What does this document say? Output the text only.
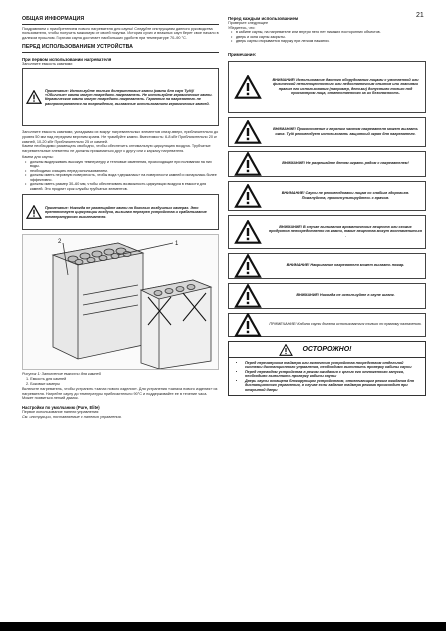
21
ОБЩАЯ ИНФОРМАЦИЯ
Поздравляем с приобретением нового нагревателя для сауны! Следуйте инструкциям данного руководства пользователя, чтобы получить максимум от своей покупки. История сухих и влажных саун берет свое начало в далеком прошлом. Горячая сауна достигает наибольших удобств при температуре 70–90 °C.
ПЕРЕД ИСПОЛЬЗОВАНИЕМ УСТРОЙСТВА
При первом использовании нагревателя
Заполните емкость камнями
Примечание: Используйте только долериттовые камни (камни для саун Tylö)! «Обычные» камни могут повредить нагреватель. Не используйте керамические камни. Керамические камни могут повредить нагреватель. Гарантия на нагреватель не распространяется на повреждения, вызванные использованием керамических камней.
Заполните емкость камнями, укладывая их вокруг нагревательных элементов снизу-вверх, приблизительно до уровня 50 мм над передним верхним краем. Не трамбуйте камни. Вместимость: 6-8 кВт Приблизительно 20 кг камней, 10-20 кВт Приблизительно 25 кг камней.
Камни необходимо размещать свободно, чтобы обеспечить оптимальную циркуляцию воздуха. Трубчатые нагревательные элементы не должны прижиматься друг к другу или к каркасу нагревателя.
Камни для сауны:
• должны выдерживать высокую температуру и тепловые изменения, происходящие при поливании на них воды.
• необходимо очищать перед использованием.
• должны иметь неровную поверхность, чтобы вода «держалась» на поверхности камней и испарялась более эффективно.
• должны иметь размер 30–60 мм, чтобы обеспечивать возможность циркуляции воздуха в емкости для камней. Это продлит срок службы трубчатых элементов.
Примечание: Никогда не размещайте камни на боковых воздушных камерах. Это препятствует циркуляции воздуха, вызывая перегрев устройства и срабатывание температурного выключателя.
1
2
Рисунок 1: Заполнение емкости для камней
1. Емкость для камней
2. Боковые камеры
Включите нагреватель, чтобы устранить «запах нового изделия». Для устранения «запаха нового изделия» из нагревателя. Нагрейте сауну до температуры приблизительно 90°C и поддерживайте ее в течение часа. Может появиться легкий дымок.
Настройки по умолчанию (Pure, Elite)
Первое использование панели управления:
См. инструкции, поставляемые с панелью управления.
Перед каждым использованием
Проверьте следующее
Убедитесь, что:
• в кабине сауны, на нагревателе или внутри него нет никаких посторонних объектов.
• дверь и окна сауны закрыты.
• дверь сауны открывается наружу при легком нажатии.
Примечание:
ВНИМАНИЕ! Использование данного оборудования лицами с умственной или физической неполноценностью или недостаточным опытом или знаниями правил его использования (например, детьми) допустимо только под присмотром лица, ответственного за их безопасность.
ВНИМАНИЕ! Прикосновение к верхним частям нагревателя может вызвать ожог. Tylö рекомендует использовать защитный экран для нагревателя.
ВНИМАНИЕ! Не разрешайте детям играть рядом с нагревателем!
ВНИМАНИЕ! Сауны не рекомендованы лицам со слабым здоровьем. Пожалуйста, проконсультируйтесь с врачом.
ВНИМАНИЕ! В случае выливания ароматических веществ или схожих продуктов непосредственно на камни, такие вещества могут воспламениться .
ВНИМАНИЕ! Накрывание нагревателя может вызвать пожар.
ВНИМАНИЕ! Никогда не используйте в сауне шланг.
ПРИМЕЧАНИЕ! Кабина сауны должна использоваться только по прямому назначению.
ОСТОРОЖНО!
• Перед перезапуском таймера или включения устройства посредством отдельной системы дистанционного управления, необходимо выполнить проверку кабины сауны
• Перед переводом устройства в режим ожидания с целью его отложенного запуска, необходимо выполнить проверку кабины сауны
• Дверь сауны оснащена блокирующим устройством, отключающим режим ожидания для дистанционного управления, в случае если задание таймера режима происходит при открытой двери
